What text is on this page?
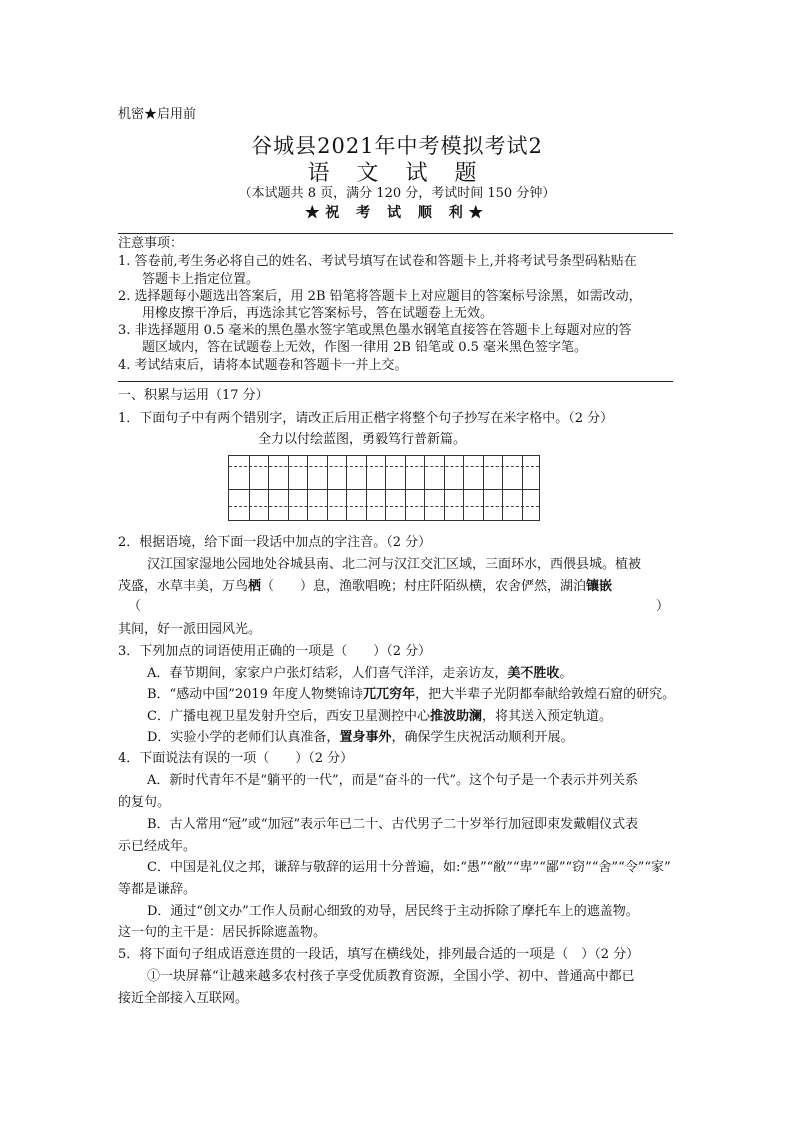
机密★启用前
谷城县2021年中考模拟考试2
语 文 试 题
（本试题共 8 页，满分 120 分，考试时间 150 分钟）
★祝 考 试 顺 利★
注意事项：
1. 答卷前,考生务必将自己的姓名、考试号填写在试卷和答题卡上,并将考试号条型码粘贴在
答题卡上指定位置。
2. 选择题每小题选出答案后，用 2B 铅笔将答题卡上对应题目的答案标号涂黑，如需改动，
用橡皮擦干净后，再选涂其它答案标号，答在试题卷上无效。
3. 非选择题用 0.5 毫米的黑色墨水签字笔或黑色墨水钢笔直接答在答题卡上每题对应的答
题区域内，答在试题卷上无效，作图一律用 2B 铅笔或 0.5 毫米黑色签字笔。
4. 考试结束后，请将本试题卷和答题卡一并上交。
一、积累与运用（17 分）
1．下面句子中有两个错别字，请改正后用正楷字将整个句子抄写在米字格中。（2 分）
全力以付绘蓝图，勇毅笃行普新篇。
2．根据语境，给下面一段话中加点的字注音。（2 分）
汉江国家湿地公园地处谷城县南、北二河与汉江交汇区域，三面环水，西偎县城。植被
茂盛，水草丰美，万鸟栖（　　）息，渔歌唱晚；村庄阡陌纵横，农舍俨然，湖泊镶嵌
（	）
其间，好一派田园风光。
3．下列加点的词语使用正确的一项是（　　）（2 分）
A．春节期间，家家户户张灯结彩，人们喜气洋洋，走亲访友，美不胜收。
B．“感动中国”2019 年度人物樊锦诗兀兀穷年，把大半辈子光阴都奉献给敦煌石窟的研究。
C．广播电视卫星发射升空后，西安卫星测控中心推波助澜，将其送入预定轨道。
D．实验小学的老师们认真准备，置身事外，确保学生庆祝活动顺利开展。
4．下面说法有误的一项（　　）（2 分）
A．新时代青年不是“躺平的一代”，而是“奋斗的一代”。这个句子是一个表示并列关系
的复句。
B．古人常用“冠”或“加冠”表示年已二十、古代男子二十岁举行加冠即束发戴帽仪式表
示已经成年。
C．中国是礼仪之邦，谦辞与敬辞的运用十分普遍，如:“愚”“敝”“卑”“鄙”“窃”“舍”“令”“家”
等都是谦辞。
D．通过“创文办”工作人员耐心细致的劝导，居民终于主动拆除了摩托车上的遮盖物。
这一句的主干是：居民拆除遮盖物。
5．将下面句子组成语意连贯的一段话，填写在横线处，排列最合适的一项是（　）（2 分）
①一块屏幕“让越来越多农村孩子享受优质教育资源，全国小学、初中、普通高中都已
接近全部接入互联网。
